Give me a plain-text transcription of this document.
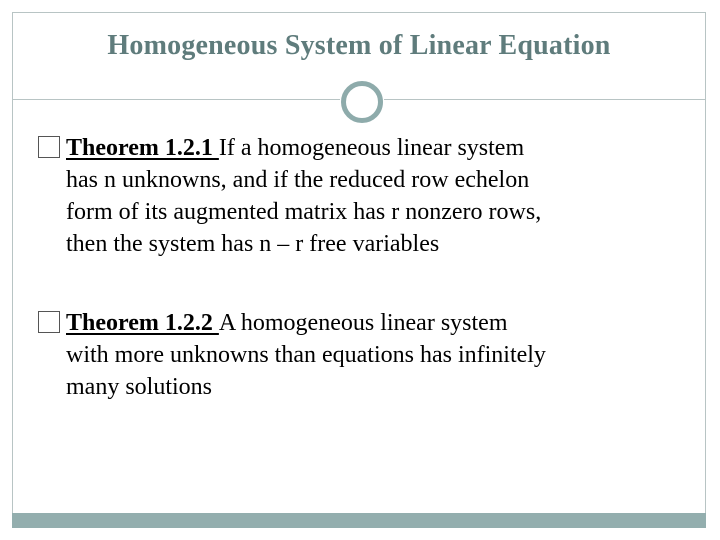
Homogeneous System of Linear Equation
Theorem 1.2.1 If a homogeneous linear system
has n unknowns, and if the reduced row echelon
form of its augmented matrix has r nonzero rows,
then the system has n – r free variables
Theorem 1.2.2 A homogeneous linear system
with more unknowns than equations has infinitely
many solutions
